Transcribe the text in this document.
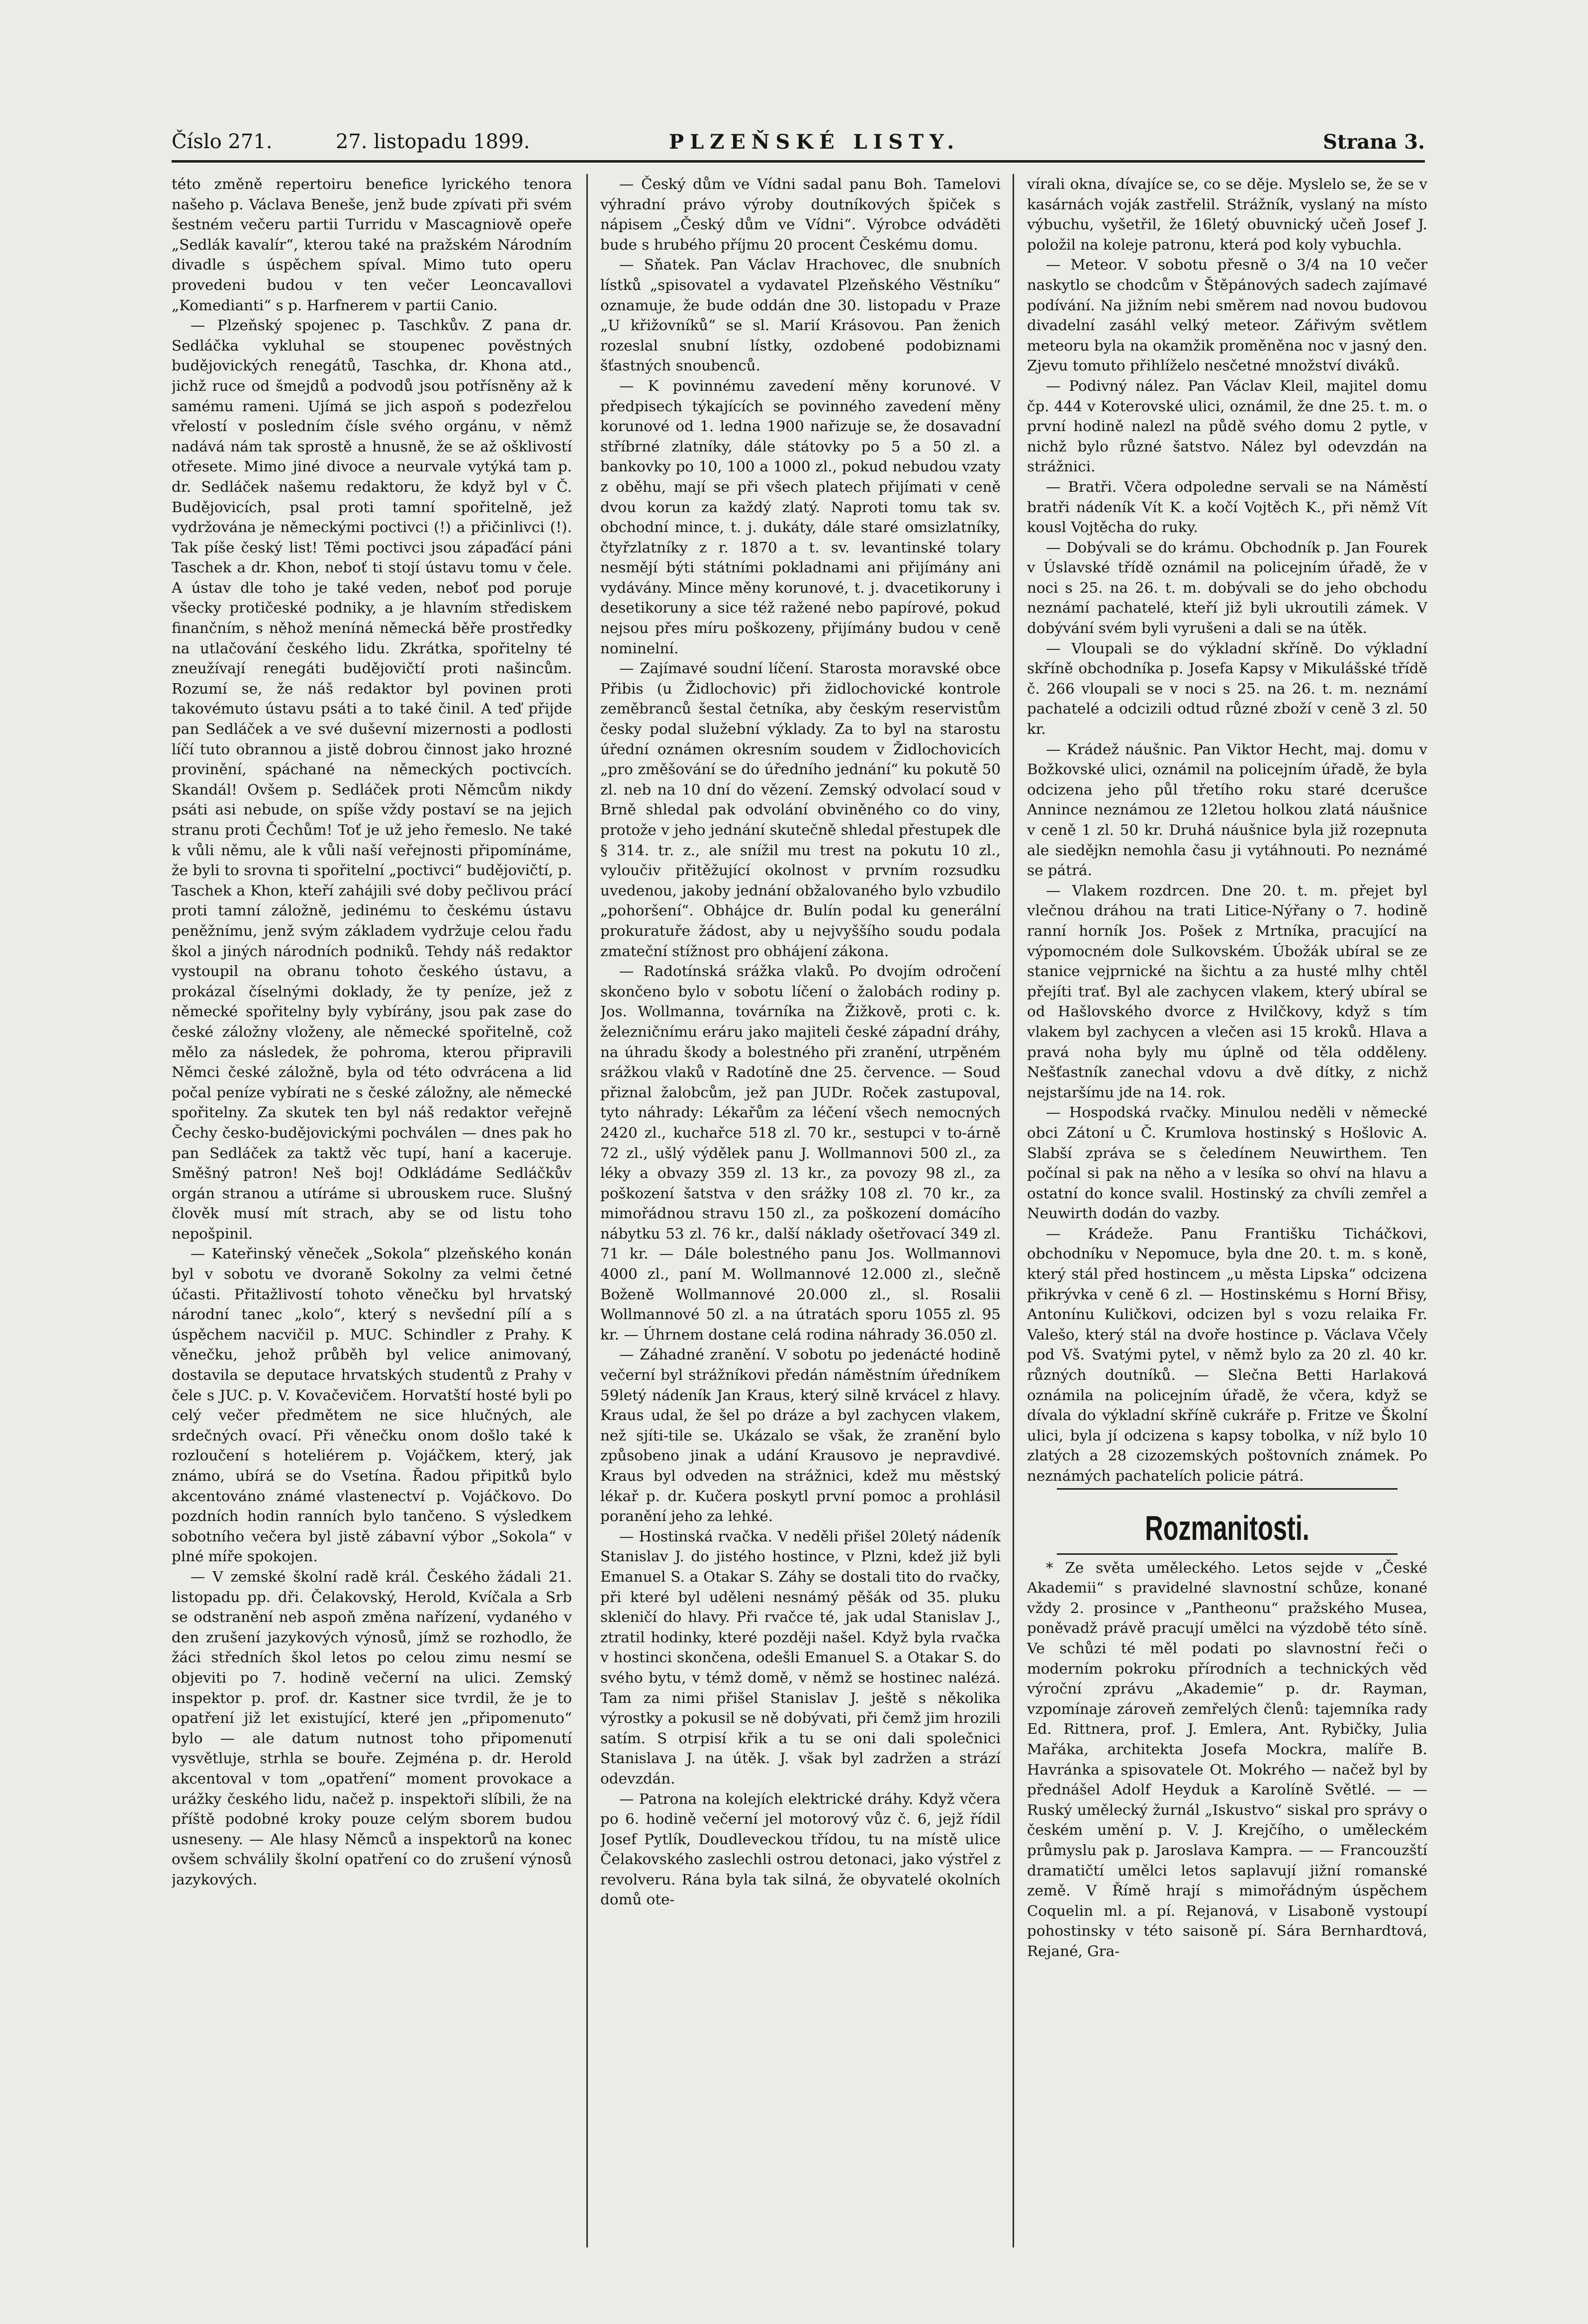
Číslo 271.	27. listopadu 1899.	PLZEŇSKÉ LISTY.	Strana 3.

této změně repertoiru benefice lyrického tenora našeho p. Václava Beneše, jenž bude zpívati při svém šestném večeru partii Turridu v Mascagniově opeře „Sedlák kavalír“, kterou také na pražském Národním divadle s úspěchem spíval. Mimo tuto operu provedeni budou v ten večer Leoncavallovi „Komedianti“ s p. Harfnerem v partii Canio.

— Plzeňský spojenec p. Taschkův. Z pana dr. Sedláčka vykluhal se stoupenec pověstných budějovických renegátů, Taschka, dr. Khona atd., jichž ruce od šmejdů a podvodů jsou potřísněny až k samému rameni. Ujímá se jich aspoň s podezřelou vřelostí v posledním čísle svého orgánu, v němž nadává nám tak sprostě a hnusně, že se až ošklivostí otřesete. Mimo jiné divoce a neurvale vytýká tam p. dr. Sedláček našemu redaktoru, že když byl v Č. Budějovicích, psal proti tamní spořitelně, jež vydržována je německými poctivci (!) a přičinlivci (!). Tak píše český list! Těmi poctivci jsou zápaďácí páni Taschek a dr. Khon, neboť ti stojí ústavu tomu v čele. A ústav dle toho je také veden, neboť pod poruje všecky protičeské podniky, a je hlavním střediskem finančním, s něhož meníná německá běře prostředky na utlačování českého lidu. Zkrátka, spořitelny té zneužívají renegáti budějovičtí proti našincům. Rozumí se, že náš redaktor byl povinen proti takovémuto ústavu psáti a to také činil. A teď přijde pan Sedláček a ve své duševní mizernosti a podlosti líčí tuto obrannou a jistě dobrou činnost jako hrozné provinění, spáchané na německých poctivcích. Skandál! Ovšem p. Sedláček proti Němcům nikdy psáti asi nebude, on spíše vždy postaví se na jejich stranu proti Čechům! Toť je už jeho řemeslo. Ne také k vůli němu, ale k vůli naší veřejnosti připomínáme, že byli to srovna ti spořitelní „poctivci“ budějovičtí, p. Taschek a Khon, kteří zahájili své doby pečlivou prácí proti tamní záložně, jedinému to českému ústavu peněžnímu, jenž svým základem vydržuje celou řadu škol a jiných národních podniků. Tehdy náš redaktor vystoupil na obranu tohoto českého ústavu, a prokázal číselnými doklady, že ty peníze, jež z německé spořitelny byly vybírány, jsou pak zase do české záložny vloženy, ale německé spořitelně, což mělo za následek, že pohroma, kterou připravili Němci české záložně, byla od této odvrácena a lid počal peníze vybírati ne s české záložny, ale německé spořitelny. Za skutek ten byl náš redaktor veřejně Čechy česko-budějovickými pochválen — dnes pak ho pan Sedláček za taktž věc tupí, haní a kaceruje. Směšný patron! Neš boj! Odkládáme Sedláčkův orgán stranou a utíráme si ubrouskem ruce. Slušný člověk musí mít strach, aby se od listu toho nepošpinil.

— Kateřinský věneček „Sokola“ plzeňského konán byl v sobotu ve dvoraně Sokolny za velmi četné účasti. Přitažlivostí tohoto věnečku byl hrvatský národní tanec „kolo“, který s nevšední pílí a s úspěchem nacvičil p. MUC. Schindler z Prahy. K věnečku, jehož průběh byl velice animovaný, dostavila se deputace hrvatských studentů z Prahy v čele s JUC. p. V. Kovačevičem. Horvatští hosté byli po celý večer předmětem ne sice hlučných, ale srdečných ovací. Při věnečku onom došlo také k rozloučení s hoteliérem p. Vojáčkem, který, jak známo, ubírá se do Vsetína. Řadou připitků bylo akcentováno známé vlastenectví p. Vojáčkovo. Do pozdních hodin ranních bylo tančeno. S výsledkem sobotního večera byl jistě zábavní výbor „Sokola“ v plné míře spokojen.

— V zemské školní radě král. Českého žádali 21. listopadu pp. dři. Čelakovský, Herold, Kvíčala a Srb se odstranění neb aspoň změna nařízení, vydaného v den zrušení jazykových výnosů, jímž se rozhodlo, že žáci středních škol letos po celou zimu nesmí se objeviti po 7. hodině večerní na ulici. Zemský inspektor p. prof. dr. Kastner sice tvrdil, že je to opatření již let existující, které jen „připomenuto“ bylo — ale datum nutnost toho připomenutí vysvětluje, strhla se bouře. Zejména p. dr. Herold akcentoval v tom „opatření“ moment provokace a urážky českého lidu, načež p. inspektoři slíbili, že na příště podobné kroky pouze celým sborem budou usneseny. — Ale hlasy Němců a inspektorů na konec ovšem schválily školní opatření co do zrušení výnosů jazykových.

— Český dům ve Vídni sadal panu Boh. Tamelovi výhradní právo výroby doutníkových špiček s nápisem „Český dům ve Vídni“. Výrobce odváděti bude s hrubého příjmu 20 procent Českému domu.

— Sňatek. Pan Václav Hrachovec, dle snubních lístků „spisovatel a vydavatel Plzeňského Věstníku“ oznamuje, že bude oddán dne 30. listopadu v Praze „U křižovníků“ se sl. Marií Krásovou. Pan ženich rozeslal snubní lístky, ozdobené podobiznami šťastných snoubenců.

— K povinnému zavedení měny korunové. V předpisech týkajících se povinného zavedení měny korunové od 1. ledna 1900 nařizuje se, že dosavadní stříbrné zlatníky, dále státovky po 5 a 50 zl. a bankovky po 10, 100 a 1000 zl., pokud nebudou vzaty z oběhu, mají se při všech platech přijímati v ceně dvou korun za každý zlatý. Naproti tomu tak sv. obchodní mince, t. j. dukáty, dále staré omsizlatníky, čtyřzlatníky z r. 1870 a t. sv. levantinské tolary nesmějí býti státními pokladnami ani přijímány ani vydávány. Mince měny korunové, t. j. dvacetikoruny i desetikoruny a sice též ražené nebo papírové, pokud nejsou přes míru poškozeny, přijímány budou v ceně nominelní.

— Zajímavé soudní líčení. Starosta moravské obce Přibis (u Židlochovic) při židlochovické kontrole zeměbranců šestal četníka, aby českým reservistům česky podal služební výklady. Za to byl na starostu úřední oznámen okresním soudem v Židlochovicích „pro změšování se do úředního jednání“ ku pokutě 50 zl. neb na 10 dní do vězení. Zemský odvolací soud v Brně shledal pak odvolání obviněného co do viny, protože v jeho jednání skutečně shledal přestupek dle § 314. tr. z., ale snížil mu trest na pokutu 10 zl., vyloučiv přitěžující okolnost v prvním rozsudku uvedenou, jakoby jednání obžalovaného bylo vzbudilo „pohoršení“. Obhájce dr. Bulín podal ku generální prokuratuře žádost, aby u nejvyššího soudu podala zmateční stížnost pro obhájení zákona.

— Radotínská srážka vlaků. Po dvojím odročení skončeno bylo v sobotu líčení o žalobách rodiny p. Jos. Wollmanna, továrníka na Žižkově, proti c. k. železničnímu eráru jako majiteli české západní dráhy, na úhradu škody a bolestného při zranění, utrpěném srážkou vlaků v Radotíně dne 25. července. — Soud přiznal žalobcům, jež pan JUDr. Roček zastupoval, tyto náhrady: Lékařům za léčení všech nemocných 2420 zl., kuchařce 518 zl. 70 kr., sestupci v to-árně 72 zl., ušlý výdělek panu J. Wollmannovi 500 zl., za léky a obvazy 359 zl. 13 kr., za povozy 98 zl., za poškození šatstva v den srážky 108 zl. 70 kr., za mimořádnou stravu 150 zl., za poškození domácího nábytku 53 zl. 76 kr., další náklady ošetřovací 349 zl. 71 kr. — Dále bolestného panu Jos. Wollmannovi 4000 zl., paní M. Wollmannové 12.000 zl., slečně Boženě Wollmannové 20.000 zl., sl. Rosalii Wollmannové 50 zl. a na útratách sporu 1055 zl. 95 kr. — Úhrnem dostane celá rodina náhrady 36.050 zl.

— Záhadné zranění. V sobotu po jedenácté hodině večerní byl strážníkovi předán náměstním úředníkem 59letý nádeník Jan Kraus, který silně krvácel z hlavy. Kraus udal, že šel po dráze a byl zachycen vlakem, než sjíti-tile se. Ukázalo se však, že zranění bylo způsobeno jinak a udání Krausovo je nepravdivé. Kraus byl odveden na strážnici, kdež mu městský lékař p. dr. Kučera poskytl první pomoc a prohlásil poranění jeho za lehké.

— Hostinská rvačka. V neděli přišel 20letý nádeník Stanislav J. do jistého hostince, v Plzni, kdež již byli Emanuel S. a Otakar S. Záhy se dostali tito do rvačky, při které byl uděleni nesnámý pěšák od 35. pluku skleničí do hlavy. Při rvačce té, jak udal Stanislav J., ztratil hodinky, které později našel. Když byla rvačka v hostinci skončena, odešli Emanuel S. a Otakar S. do svého bytu, v témž domě, v němž se hostinec nalézá. Tam za nimi přišel Stanislav J. ještě s několika výrostky a pokusil se ně dobývati, při čemž jim hrozili satím. S otrpisí křik a tu se oni dali společnici Stanislava J. na útěk. J. však byl zadržen a strází odevzdán.

— Patrona na kolejích elektrické dráhy. Když včera po 6. hodině večerní jel motorový vůz č. 6, jejž řídil Josef Pytlík, Doudleveckou třídou, tu na místě ulice Čelakovského zaslechli ostrou detonaci, jako výstřel z revolveru. Rána byla tak silná, že obyvatelé okolních domů ote-

vírali okna, dívajíce se, co se děje. Myslelo se, že se v kasárnách voják zastřelil. Strážník, vyslaný na místo výbuchu, vyšetřil, že 16letý obuvnický učeň Josef J. položil na koleje patronu, která pod koly vybuchla.

— Meteor. V sobotu přesně o 3/4 na 10 večer naskytlo se chodcům v Štěpánových sadech zajímavé podívání. Na jižním nebi směrem nad novou budovou divadelní zasáhl velký meteor. Zářivým světlem meteoru byla na okamžik proměněna noc v jasný den. Zjevu tomuto přihlíželo nesčetné množství diváků.

— Podivný nález. Pan Václav Kleil, majitel domu čp. 444 v Koterovské ulici, oznámil, že dne 25. t. m. o první hodině nalezl na půdě svého domu 2 pytle, v nichž bylo různé šatstvo. Nález byl odevzdán na strážnici.

— Bratři. Včera odpoledne servali se na Náměstí bratři nádeník Vít K. a kočí Vojtěch K., při němž Vít kousl Vojtěcha do ruky.

— Dobývali se do krámu. Obchodník p. Jan Fourek v Úslavské třídě oznámil na policejním úřadě, že v noci s 25. na 26. t. m. dobývali se do jeho obchodu neznámí pachatelé, kteří již byli ukroutili zámek. V dobývání svém byli vyrušeni a dali se na útěk.

— Vloupali se do výkladní skříně. Do výkladní skříně obchodníka p. Josefa Kapsy v Mikulášské třídě č. 266 vloupali se v noci s 25. na 26. t. m. neznámí pachatelé a odcizili odtud různé zboží v ceně 3 zl. 50 kr.

— Krádež náušnic. Pan Viktor Hecht, maj. domu v Božkovské ulici, oznámil na policejním úřadě, že byla odcizena jeho půl třetího roku staré dcerušce Annince neznámou ze 12letou holkou zlatá náušnice v ceně 1 zl. 50 kr. Druhá náušnice byla již rozepnuta ale siedějkn nemohla času ji vytáhnouti. Po neznámé se pátrá.

— Vlakem rozdrcen. Dne 20. t. m. přejet byl vlečnou dráhou na trati Litice-Nýřany o 7. hodině ranní horník Jos. Pošek z Mrtníka, pracující na výpomocném dole Sulkovském. Úbožák ubíral se ze stanice vejprnické na šichtu a za husté mlhy chtěl přejíti trať. Byl ale zachycen vlakem, který ubíral se od Hašlovského dvorce z Hvilčkovy, když s tím vlakem byl zachycen a vlečen asi 15 kroků. Hlava a pravá noha byly mu úplně od těla odděleny. Nešťastník zanechal vdovu a dvě dítky, z nichž nejstaršímu jde na 14. rok.

— Hospodská rvačky. Minulou neděli v německé obci Zátoní u Č. Krumlova hostinský s Hošlovic A. Slabší zpráva se s čeledínem Neuwirthem. Ten počínal si pak na něho a v lesíka so ohví na hlavu a ostatní do konce svalil. Hostinský za chvíli zemřel a Neuwirth dodán do vazby.

— Krádeže. Panu Františku Ticháčkovi, obchodníku v Nepomuce, byla dne 20. t. m. s koně, který stál před hostincem „u města Lipska“ odcizena přikrývka v ceně 6 zl. — Hostinskému s Horní Břisy, Antonínu Kuličkovi, odcizen byl s vozu relaika Fr. Valešo, který stál na dvoře hostince p. Václava Včely pod Vš. Svatými pytel, v němž bylo za 20 zl. 40 kr. různých doutníků. — Slečna Betti Harlaková oznámila na policejním úřadě, že včera, když se dívala do výkladní skříně cukráře p. Fritze ve Školní ulici, byla jí odcizena s kapsy tobolka, v níž bylo 10 zlatých a 28 cizozemských poštovních známek. Po neznámých pachatelích policie pátrá.

Rozmanitosti.

* Ze světa uměleckého. Letos sejde v „České Akademii“ s pravidelné slavnostní schůze, konané vždy 2. prosince v „Pantheonu“ pražského Musea, poněvadž právě pracují umělci na výzdobě této síně. Ve schůzi té měl podati po slavnostní řeči o moderním pokroku přírodních a technických věd výroční zprávu „Akademie“ p. dr. Rayman, vzpomínaje zároveň zemřelých členů: tajemníka rady Ed. Rittnera, prof. J. Emlera, Ant. Rybičky, Julia Mařáka, architekta Josefa Mockra, malíře B. Havránka a spisovatele Ot. Mokrého — načež byl by přednášel Adolf Heyduk a Karolíně Světlé. — — Ruský umělecký žurnál „Iskustvo“ siskal pro správy o českém umění p. V. J. Krejčího, o uměleckém průmyslu pak p. Jaroslava Kampra. — — Francouzští dramatičtí umělci letos saplavují jižní romanské země. V Římě hrají s mimořádným úspěchem Coquelin ml. a pí. Rejanová, v Lisaboně vystoupí pohostinsky v této saisoně pí. Sára Bernhardtová, Rejané, Gra-
